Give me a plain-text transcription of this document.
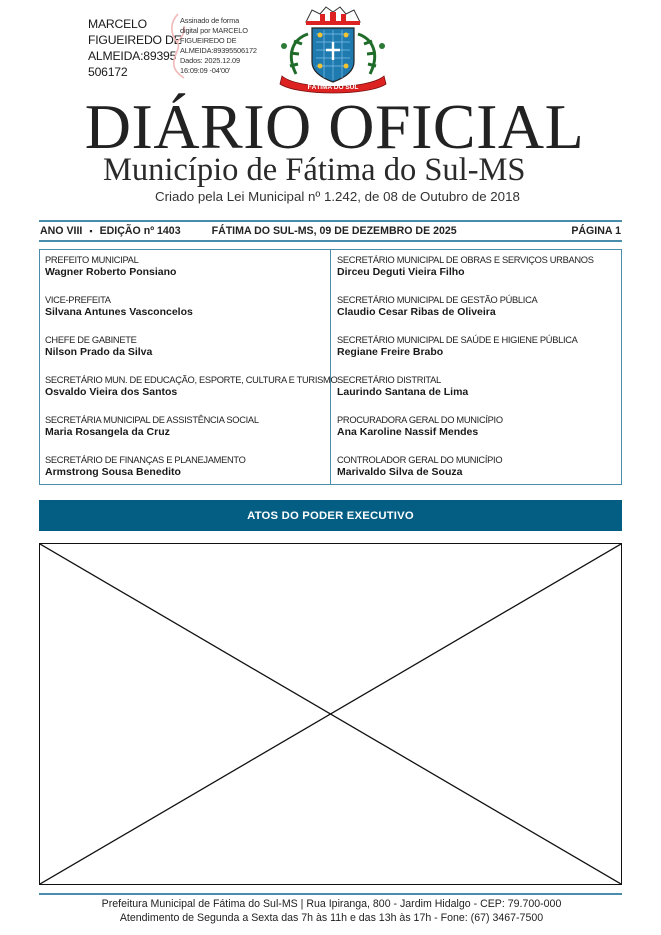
MARCELO
FIGUEIREDO DE
ALMEIDA:89395
506172
Assinado de forma
digital por MARCELO
FIGUEIREDO DE
ALMEIDA:89395506172
Dados: 2025.12.09
16:09:09 -04'00'
FÁTIMA DO SUL
DIÁRIO OFICIAL
Município de Fátima do Sul-MS
Criado pela Lei Municipal nº 1.242, de 08 de Outubro de 2018
ANO VIII ▪ EDIÇÃO nº 1403	FÁTIMA DO SUL-MS, 09 DE DEZEMBRO DE 2025	PÁGINA 1
PREFEITO MUNICIPAL
Wagner Roberto Ponsiano
VICE-PREFEITA
Silvana Antunes Vasconcelos
CHEFE DE GABINETE
Nilson Prado da Silva
SECRETÁRIO MUN. DE EDUCAÇÃO, ESPORTE, CULTURA E TURISMO
Osvaldo Vieira dos Santos
SECRETÁRIA MUNICIPAL DE ASSISTÊNCIA SOCIAL
Maria Rosangela da Cruz
SECRETÁRIO DE FINANÇAS E PLANEJAMENTO
Armstrong Sousa Benedito
SECRETÁRIO MUNICIPAL DE OBRAS E SERVIÇOS URBANOS
Dirceu Deguti Vieira Filho
SECRETÁRIO MUNICIPAL DE GESTÃO PÚBLICA
Claudio Cesar Ribas de Oliveira
SECRETÁRIO MUNICIPAL DE SAÚDE E HIGIENE PÚBLICA
Regiane Freire Brabo
SECRETÁRIO DISTRITAL
Laurindo Santana de Lima
PROCURADORA GERAL DO MUNICÍPIO
Ana Karoline Nassif Mendes
CONTROLADOR GERAL DO MUNICÍPIO
Marivaldo Silva de Souza
ATOS DO PODER EXECUTIVO
Prefeitura Municipal de Fátima do Sul-MS | Rua Ipiranga, 800 - Jardim Hidalgo - CEP: 79.700-000
Atendimento de Segunda a Sexta das 7h às 11h e das 13h às 17h - Fone: (67) 3467-7500
